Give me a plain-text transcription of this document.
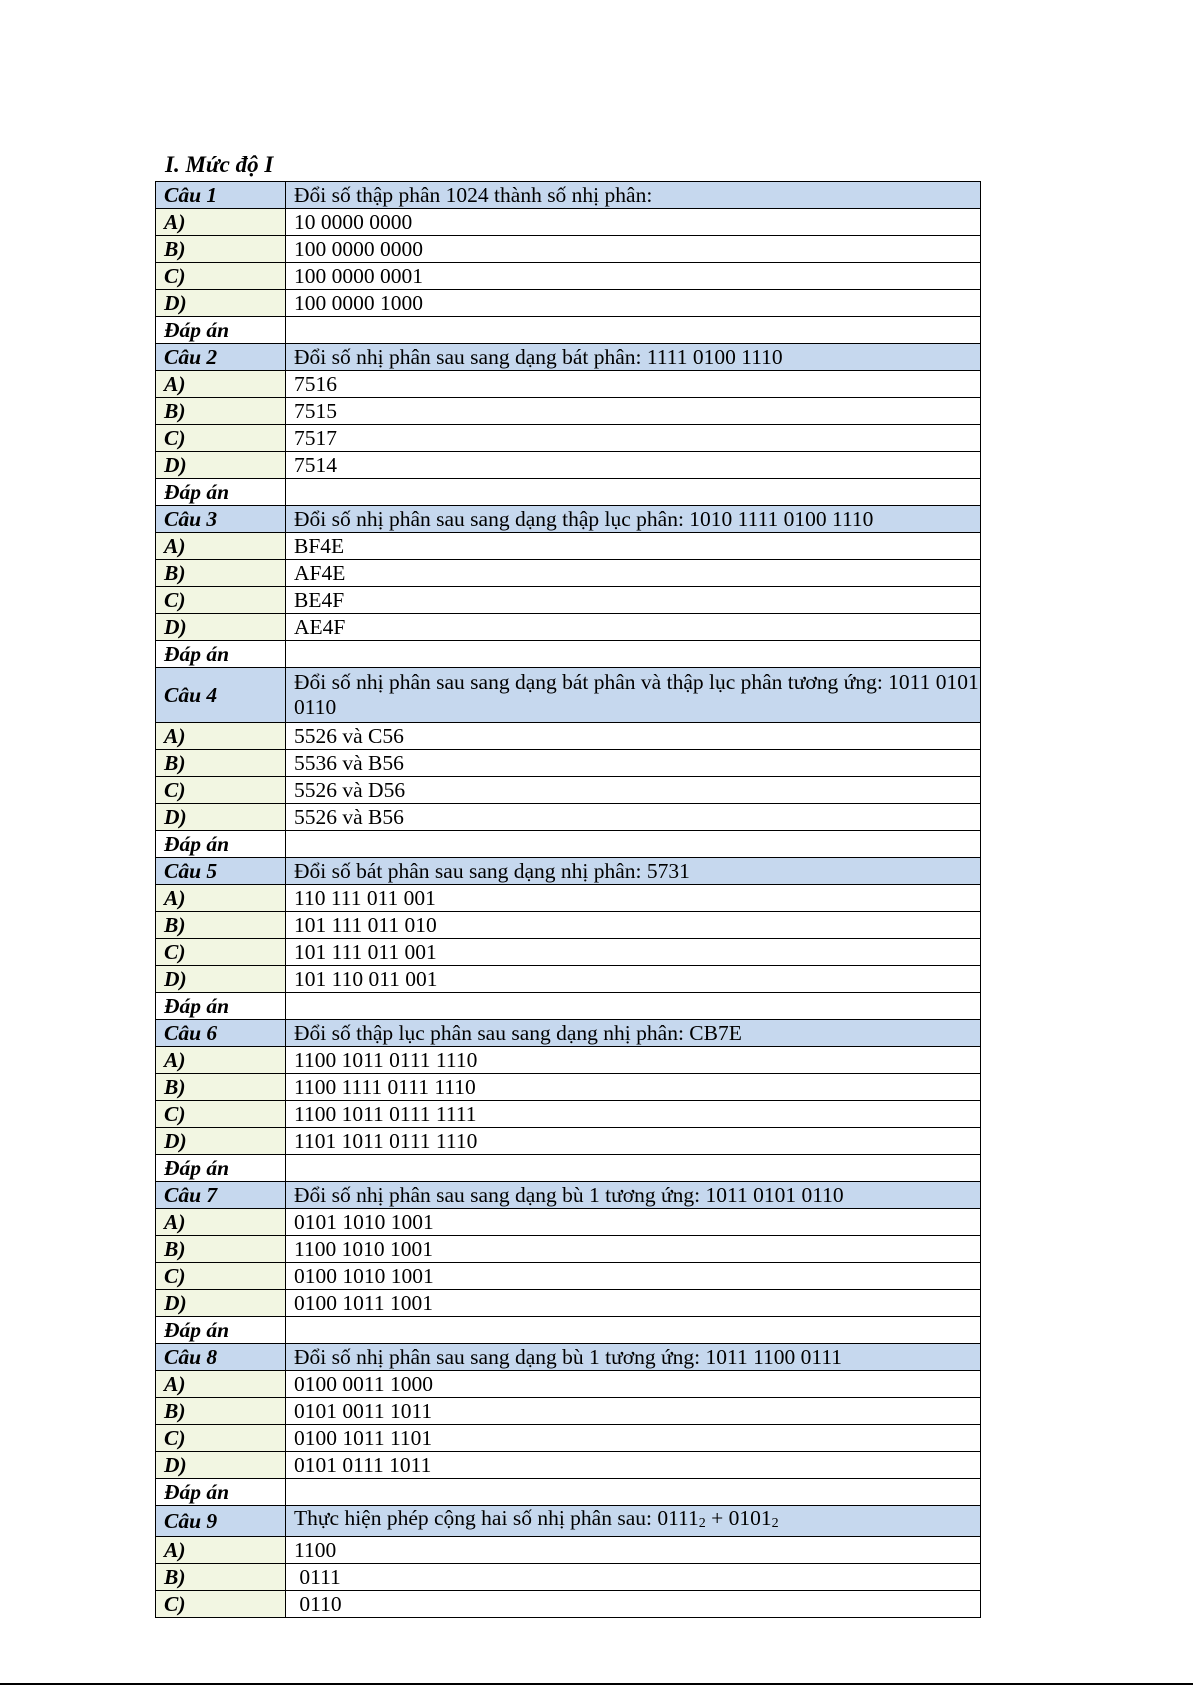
I. Mức độ I
Câu 1	Đổi số thập phân 1024 thành số nhị phân:
A)	10 0000 0000
B)	100 0000 0000
C)	100 0000 0001
D)	100 0000 1000
Đáp án	
Câu 2	Đổi số nhị phân sau sang dạng bát phân: 1111 0100 1110
A)	7516
B)	7515
C)	7517
D)	7514
Đáp án	
Câu 3	Đổi số nhị phân sau sang dạng thập lục phân: 1010 1111 0100 1110
A)	BF4E
B)	AF4E
C)	BE4F
D)	AE4F
Đáp án	
Câu 4	Đổi số nhị phân sau sang dạng bát phân và thập lục phân tương ứng: 1011 0101 0110
A)	5526 và C56
B)	5536 và B56
C)	5526 và D56
D)	5526 và B56
Đáp án	
Câu 5	Đổi số bát phân sau sang dạng nhị phân: 5731
A)	110 111 011 001
B)	101 111 011 010
C)	101 111 011 001
D)	101 110 011 001
Đáp án	
Câu 6	Đổi số thập lục phân sau sang dạng nhị phân: CB7E
A)	1100 1011 0111 1110
B)	1100 1111 0111 1110
C)	1100 1011 0111 1111
D)	1101 1011 0111 1110
Đáp án	
Câu 7	Đổi số nhị phân sau sang dạng bù 1 tương ứng: 1011 0101 0110
A)	0101 1010 1001
B)	1100 1010 1001
C)	0100 1010 1001
D)	0100 1011 1001
Đáp án	
Câu 8	Đổi số nhị phân sau sang dạng bù 1 tương ứng: 1011 1100 0111
A)	0100 0011 1000
B)	0101 0011 1011
C)	0100 1011 1101
D)	0101 0111 1011
Đáp án	
Câu 9	Thực hiện phép cộng hai số nhị phân sau: $0111_2 + 0101_2$
A)	1100
B)	0111
C)	0110
